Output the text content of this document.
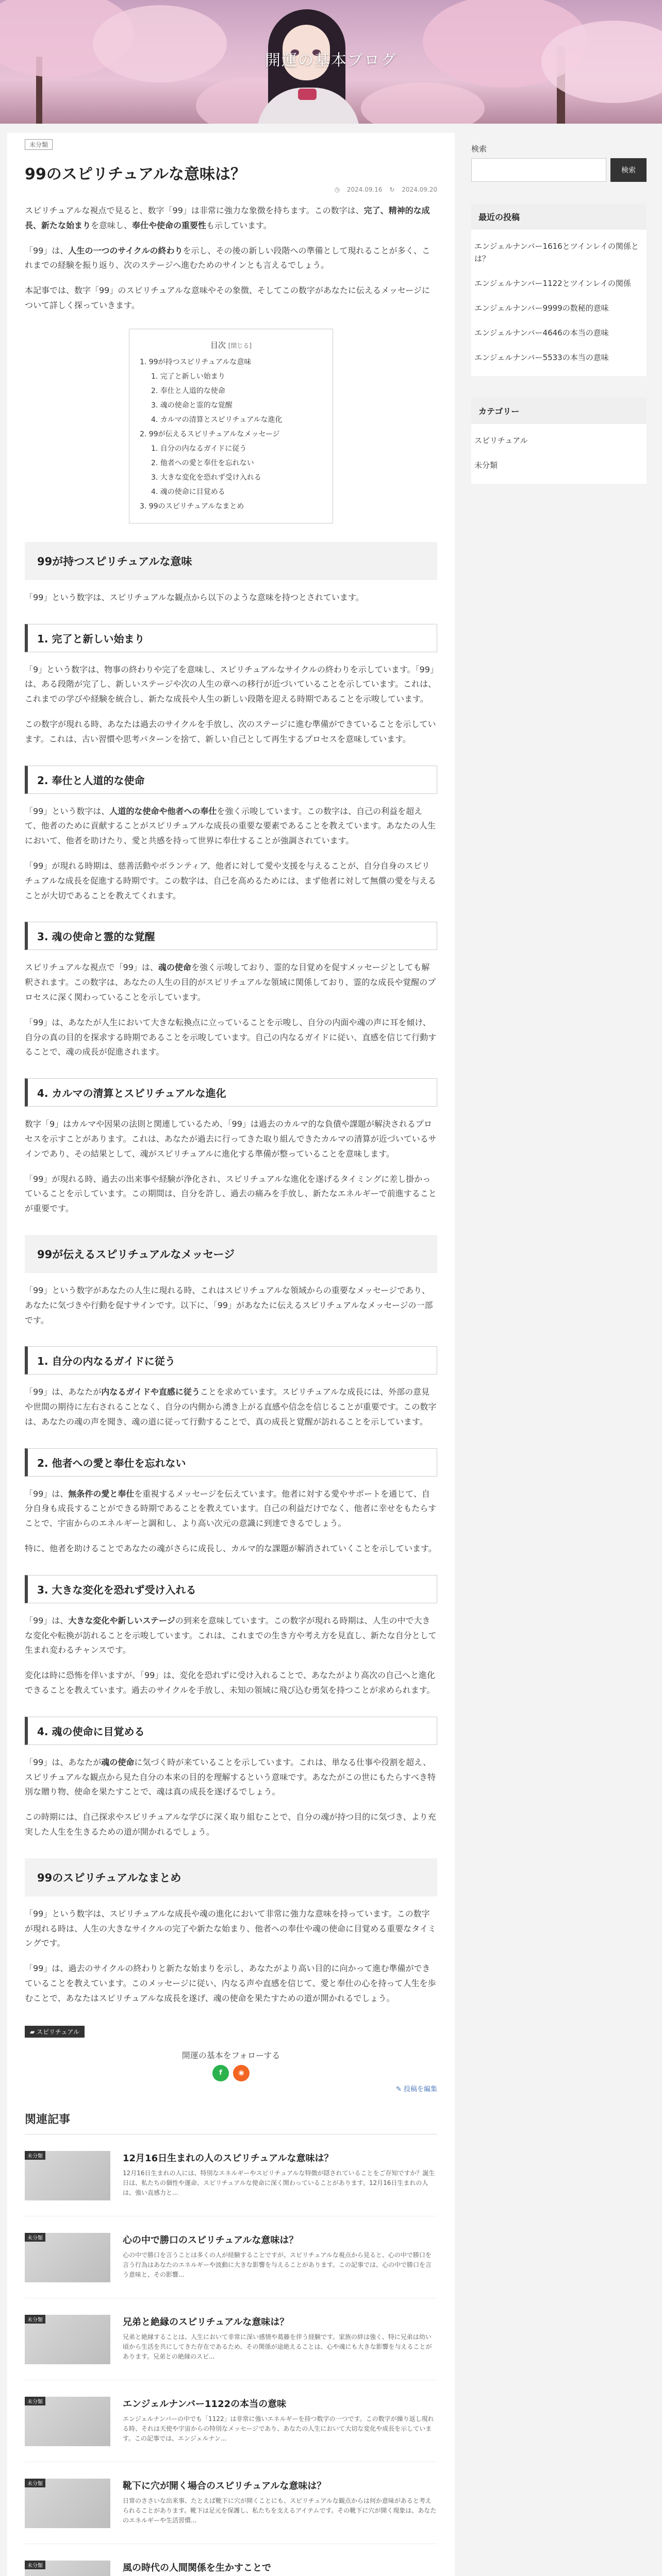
開運の基本ブログ
未分類
99のスピリチュアルな意味は？
◷ 2024.09.16 ↻ 2024.09.20

スピリチュアルな視点で見ると、数字「99」は非常に強力な象徴を持ちます。この数字は、完了、精神的な成長、新たな始まりを意味し、奉仕や使命の重要性も示しています。

「99」は、人生の一つのサイクルの終わりを示し、その後の新しい段階への準備として現れることが多く、これまでの経験を振り返り、次のステージへ進むためのサインとも言えるでしょう。

本記事では、数字「99」のスピリチュアルな意味やその象徴、そしてこの数字があなたに伝えるメッセージについて詳しく探っていきます。

目次 [閉じる]
1. 99が持つスピリチュアルな意味
1. 完了と新しい始まり
2. 奉仕と人道的な使命
3. 魂の使命と霊的な覚醒
4. カルマの清算とスピリチュアルな進化
2. 99が伝えるスピリチュアルなメッセージ
1. 自分の内なるガイドに従う
2. 他者への愛と奉仕を忘れない
3. 大きな変化を恐れず受け入れる
4. 魂の使命に目覚める
3. 99のスピリチュアルなまとめ
99が持つスピリチュアルな意味

「99」という数字は、スピリチュアルな観点から以下のような意味を持つとされています。

1. 完了と新しい始まり

「9」という数字は、物事の終わりや完了を意味し、スピリチュアルなサイクルの終わりを示しています。「99」は、ある段階が完了し、新しいステージや次の人生の章への移行が近づいていることを示しています。これは、これまでの学びや経験を統合し、新たな成長や人生の新しい段階を迎える時期であることを示唆しています。

この数字が現れる時、あなたは過去のサイクルを手放し、次のステージに進む準備ができていることを示しています。これは、古い習慣や思考パターンを捨て、新しい自己として再生するプロセスを意味しています。

2. 奉仕と人道的な使命

「99」という数字は、人道的な使命や他者への奉仕を強く示唆しています。この数字は、自己の利益を超えて、他者のために貢献することがスピリチュアルな成長の重要な要素であることを教えています。あなたの人生において、他者を助けたり、愛と共感を持って世界に奉仕することが強調されています。

「99」が現れる時期は、慈善活動やボランティア、他者に対して愛や支援を与えることが、自分自身のスピリチュアルな成長を促進する時期です。この数字は、自己を高めるためには、まず他者に対して無償の愛を与えることが大切であることを教えてくれます。

3. 魂の使命と霊的な覚醒

スピリチュアルな視点で「99」は、魂の使命を強く示唆しており、霊的な目覚めを促すメッセージとしても解釈されます。この数字は、あなたの人生の目的がスピリチュアルな領域に関係しており、霊的な成長や覚醒のプロセスに深く関わっていることを示しています。

「99」は、あなたが人生において大きな転換点に立っていることを示唆し、自分の内面や魂の声に耳を傾け、自分の真の目的を探求する時期であることを示唆しています。自己の内なるガイドに従い、直感を信じて行動することで、魂の成長が促進されます。

4. カルマの清算とスピリチュアルな進化

数字「9」はカルマや因果の法則と関連しているため、「99」は過去のカルマ的な負債や課題が解決されるプロセスを示すことがあります。これは、あなたが過去に行ってきた取り組んできたカルマの清算が近づいているサインであり、その結果として、魂がスピリチュアルに進化する準備が整っていることを意味します。

「99」が現れる時、過去の出来事や経験が浄化され、スピリチュアルな進化を遂げるタイミングに差し掛かっていることを示しています。この期間は、自分を許し、過去の痛みを手放し、新たなエネルギーで前進することが重要です。

99が伝えるスピリチュアルなメッセージ

「99」という数字があなたの人生に現れる時、これはスピリチュアルな領域からの重要なメッセージであり、あなたに気づきや行動を促すサインです。以下に、「99」があなたに伝えるスピリチュアルなメッセージの一部です。

1. 自分の内なるガイドに従う

「99」は、あなたが内なるガイドや直感に従うことを求めています。スピリチュアルな成長には、外部の意見や世間の期待に左右されることなく、自分の内側から湧き上がる直感や信念を信じることが重要です。この数字は、あなたの魂の声を聞き、魂の道に従って行動することで、真の成長と覚醒が訪れることを示しています。

2. 他者への愛と奉仕を忘れない

「99」は、無条件の愛と奉仕を重視するメッセージを伝えています。他者に対する愛やサポートを通じて、自分自身も成長することができる時期であることを教えています。自己の利益だけでなく、他者に幸せをもたらすことで、宇宙からのエネルギーと調和し、より高い次元の意識に到達できるでしょう。

特に、他者を助けることであなたの魂がさらに成長し、カルマ的な課題が解消されていくことを示しています。

3. 大きな変化を恐れず受け入れる

「99」は、大きな変化や新しいステージの到来を意味しています。この数字が現れる時期は、人生の中で大きな変化や転換が訪れることを示唆しています。これは、これまでの生き方や考え方を見直し、新たな自分として生まれ変わるチャンスです。

変化は時に恐怖を伴いますが、「99」は、変化を恐れずに受け入れることで、あなたがより高次の自己へと進化できることを教えています。過去のサイクルを手放し、未知の領域に飛び込む勇気を持つことが求められます。

4. 魂の使命に目覚める

「99」は、あなたが魂の使命に気づく時が来ていることを示しています。これは、単なる仕事や役割を超え、スピリチュアルな観点から見た自分の本来の目的を理解するという意味です。あなたがこの世にもたらすべき特別な贈り物、使命を果たすことで、魂は真の成長を遂げるでしょう。

この時期には、自己探求やスピリチュアルな学びに深く取り組むことで、自分の魂が持つ目的に気づき、より充実した人生を生きるための道が開かれるでしょう。

99のスピリチュアルなまとめ

「99」という数字は、スピリチュアルな成長や魂の進化において非常に強力な意味を持っています。この数字が現れる時は、人生の大きなサイクルの完了や新たな始まり、他者への奉仕や魂の使命に目覚める重要なタイミングです。

「99」は、過去のサイクルの終わりと新たな始まりを示し、あなたがより高い目的に向かって進む準備ができていることを教えています。このメッセージに従い、内なる声や直感を信じて、愛と奉仕の心を持って人生を歩むことで、あなたはスピリチュアルな成長を遂げ、魂の使命を果たすための道が開かれるでしょう。

▰ スピリチュアル
開運の基本をフォローする
f	◉
✎ 投稿を編集
関連記事
未分類	12月16日生まれの人のスピリチュアルな意味は？
12月16日生まれの人には、特別なエネルギーやスピリチュアルな特徴が隠されていることをご存知ですか？誕生日は、私たちの個性や運命、スピリチュアルな使命に深く関わっていることがあります。12月16日生まれの人は、強い直感力と...
未分類	心の中で勝口のスピリチュアルな意味は？
心の中で勝口を言うことは多くの人が経験することですが、スピリチュアルな視点から見ると、心の中で勝口を言う行為はあなたのエネルギーや波動に大きな影響を与えることがあります。この記事では、心の中で勝口を言う意味と、その影響...
未分類	兄弟と絶縁のスピリチュアルな意味は？
兄弟と絶縁することは、人生において非常に深い感情や葛藤を伴う経験です。家族の絆は強く、特に兄弟は幼い頃から生活を共にしてきた存在であるため、その関係が途絶えることは、心や魂にも大きな影響を与えることがあります。兄弟との絶縁のスピ...
未分類	エンジェルナンバー1122の本当の意味
エンジェルナンバーの中でも「1122」は非常に強いエネルギーを持つ数字の一つです。この数字が繰り返し現れる時、それは天使や宇宙からの特別なメッセージであり、あなたの人生において大切な変化や成長を示しています。この記事では、エンジェルナン...
未分類	靴下に穴が開く場合のスピリチュアルな意味は？
日常のささいな出来事、たとえば靴下に穴が開くことにも、スピリチュアルな観点からは何か意味があると考えられることがあります。靴下は足元を保護し、私たちを支えるアイテムです。その靴下に穴が開く現象は、あなたのエネルギーや生活習慣...
未分類	風の時代の人間関係を生かすことで
検索
検索
最近の投稿
エンジェルナンバー1616とツインレイの関係とは？
エンジェルナンバー1122とツインレイの関係
エンジェルナンバー9999の数秘的意味
エンジェルナンバー4646の本当の意味
エンジェルナンバー5533の本当の意味
カテゴリー
スピリチュアル
未分類
